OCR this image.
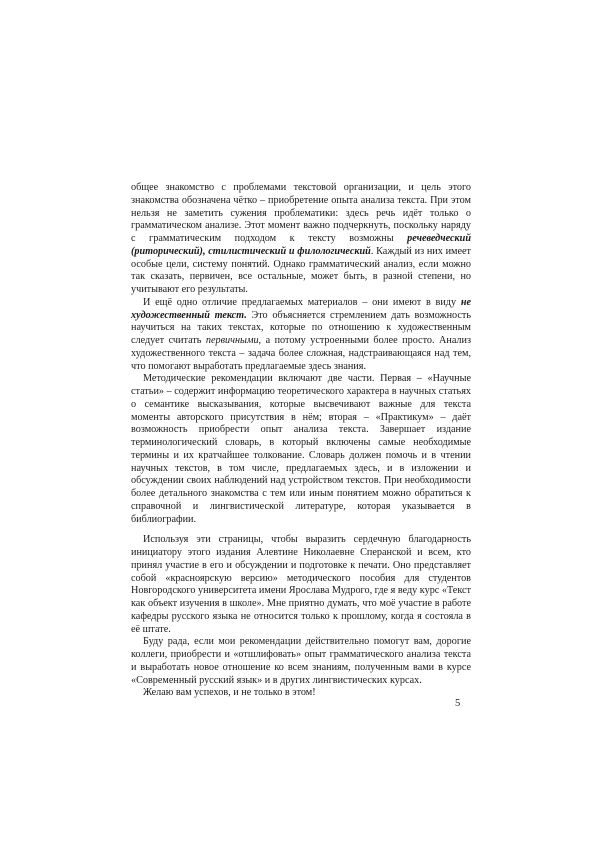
общее знакомство с проблемами текстовой организации, и цель этого знакомства обозначена чётко – приобретение опыта анализа текста. При этом нельзя не заметить сужения проблематики: здесь речь идёт только о грамматическом анализе. Этот момент важно подчеркнуть, поскольку наряду с грамматическим подходом к тексту возможны речеведческий (риторический), стилистический и филологический. Каждый из них имеет особые цели, систему понятий. Однако грамматический анализ, если можно так сказать, первичен, все остальные, может быть, в разной степени, но учитывают его результаты.

И ещё одно отличие предлагаемых материалов – они имеют в виду не художественный текст. Это объясняется стремлением дать возможность научиться на таких текстах, которые по отношению к художественным следует считать первичными, а потому устроенными более просто. Анализ художественного текста – задача более сложная, надстраивающаяся над тем, что помогают выработать предлагаемые здесь знания.

Методические рекомендации включают две части. Первая – «Научные статьи» – содержит информацию теоретического характера в научных статьях о семантике высказывания, которые высвечивают важные для текста моменты авторского присутствия в нём; вторая – «Практикум» – даёт возможность приобрести опыт анализа текста. Завершает издание терминологический словарь, в который включены самые необходимые термины и их кратчайшее толкование. Словарь должен помочь и в чтении научных текстов, в том числе, предлагаемых здесь, и в изложении и обсуждении своих наблюдений над устройством текстов. При необходимости более детального знакомства с тем или иным понятием можно обратиться к справочной и лингвистической литературе, которая указывается в библиографии.

Используя эти страницы, чтобы выразить сердечную благодарность инициатору этого издания Алевтине Николаевне Сперанской и всем, кто принял участие в его и обсуждении и подготовке к печати. Оно представляет собой «красноярскую версию» методического пособия для студентов Новгородского университета имени Ярослава Мудрого, где я веду курс «Текст как объект изучения в школе». Мне приятно думать, что моё участие в работе кафедры русского языка не относится только к прошлому, когда я состояла в её штате.

Буду рада, если мои рекомендации действительно помогут вам, дорогие коллеги, приобрести и «отшлифовать» опыт грамматического анализа текста и выработать новое отношение ко всем знаниям, полученным вами в курсе «Современный русский язык» и в других лингвистических курсах.

Желаю вам успехов, и не только в этом!

5
